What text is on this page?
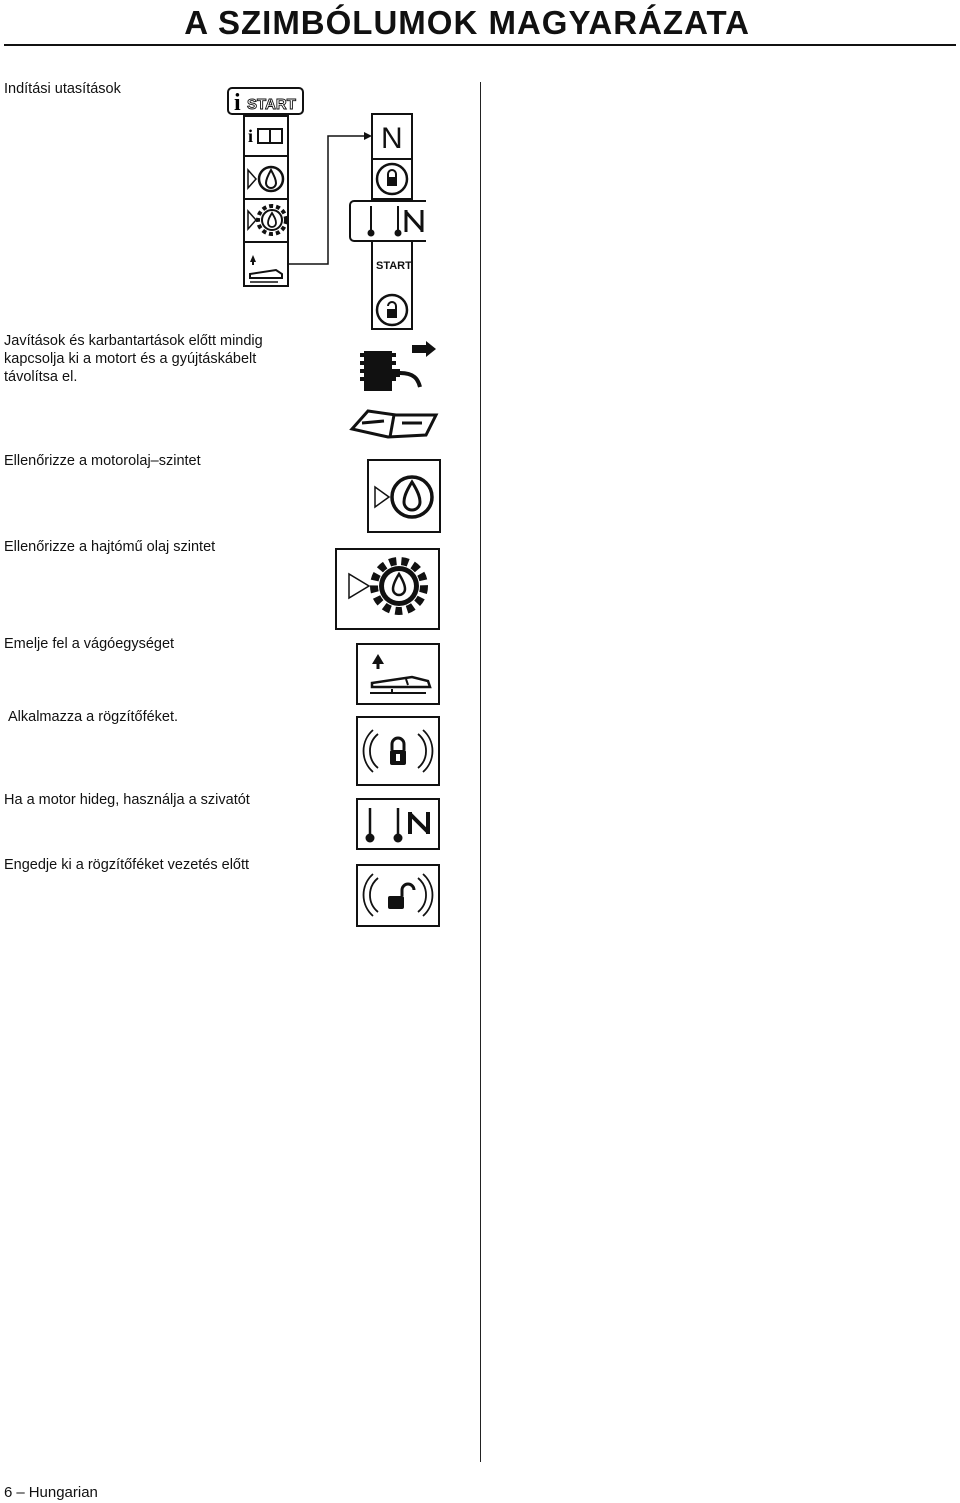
A SZIMBÓLUMOK MAGYARÁZATA

Indítási utasítások

i START
i	N
START

Javítások és karbantartások előtt mindig kapcsolja ki a motort és a gyújtáskábelt távolítsa el.

Ellenőrizze a motorolaj–szintet

Ellenőrizze a hajtómű olaj szintet

Emelje fel a vágóegységet

Alkalmazza a rögzítőféket.

Ha a motor hideg, használja a szivatót

Engedje ki a rögzítőféket vezetés előtt

6 – Hungarian
